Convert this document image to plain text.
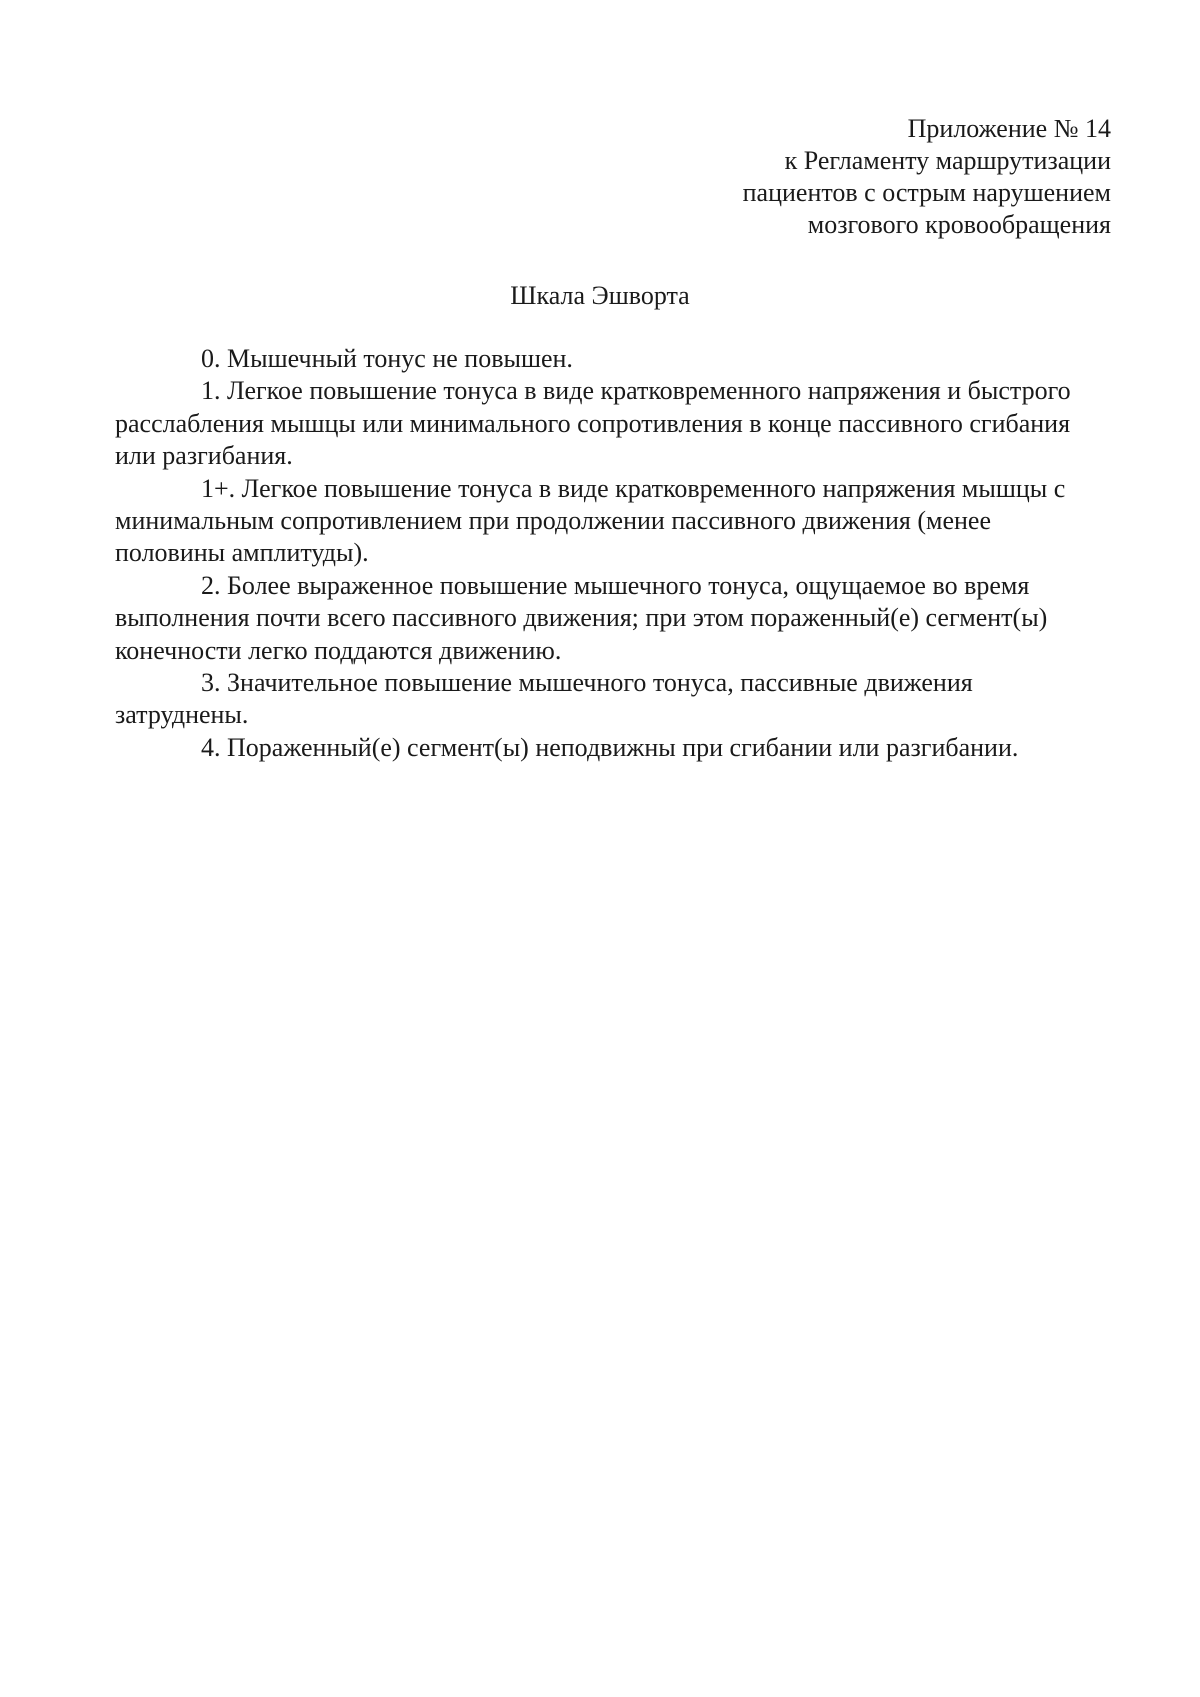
Приложение № 14
к Регламенту маршрутизации
пациентов с острым нарушением
мозгового кровообращения
Шкала Эшворта

0. Мышечный тонус не повышен.

1. Легкое повышение тонуса в виде кратковременного напряжения и быстрого расслабления мышцы или минимального сопротивления в конце пассивного сгибания или разгибания.

1+. Легкое повышение тонуса в виде кратковременного напряжения мышцы с минимальным сопротивлением при продолжении пассивного движения (менее половины амплитуды).

2. Более выраженное повышение мышечного тонуса, ощущаемое во время выполнения почти всего пассивного движения; при этом пораженный(е) сегмент(ы) конечности легко поддаются движению.

3. Значительное повышение мышечного тонуса, пассивные движения затруднены.

4. Пораженный(е) сегмент(ы) неподвижны при сгибании или разгибании.
